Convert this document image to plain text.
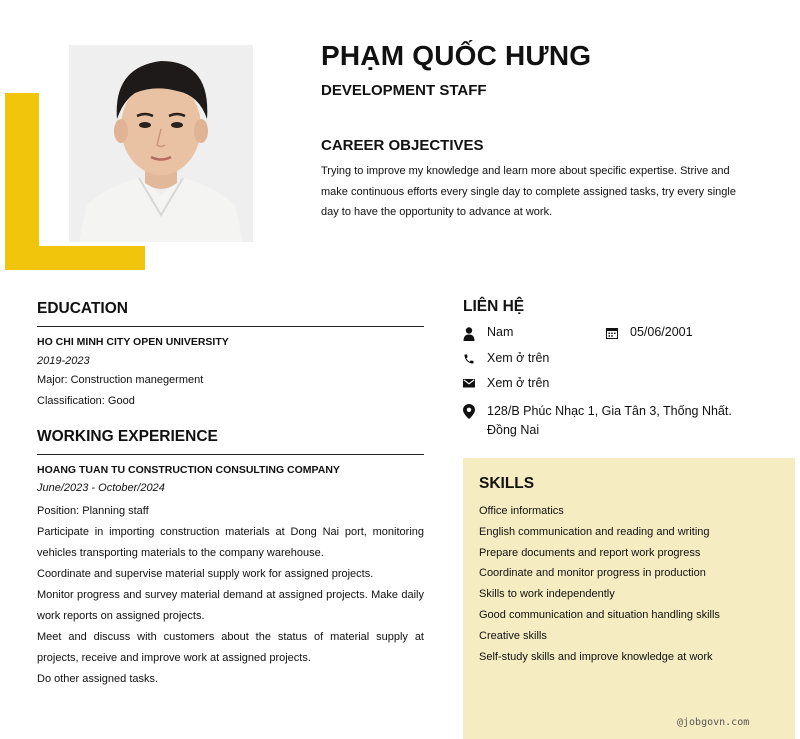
PHẠM QUỐC HƯNG
DEVELOPMENT STAFF
CAREER OBJECTIVES
Trying to improve my knowledge and learn more about specific expertise. Strive and make continuous efforts every single day to complete assigned tasks, try every single day to have the opportunity to advance at work.
EDUCATION
HO CHI MINH CITY OPEN UNIVERSITY
2019-2023
Major: Construction manegerment
Classification: Good
WORKING EXPERIENCE
HOANG TUAN TU CONSTRUCTION CONSULTING COMPANY
June/2023 - October/2024
Position: Planning staff
Participate in importing construction materials at Dong Nai port, monitoring vehicles transporting materials to the company warehouse.
Coordinate and supervise material supply work for assigned projects.
Monitor progress and survey material demand at assigned projects. Make daily work reports on assigned projects.
Meet and discuss with customers about the status of material supply at projects, receive and improve work at assigned projects.
Do other assigned tasks.
LIÊN HỆ
Nam	05/06/2001
Xem ở trên
Xem ở trên
128/B Phúc Nhạc 1, Gia Tân 3, Thống Nhất. Đồng Nai
SKILLS
Office informatics
English communication and reading and writing
Prepare documents and report work progress
Coordinate and monitor progress in production
Skills to work independently
Good communication and situation handling skills
Creative skills
Self-study skills and improve knowledge at work
@jobgovn.com
